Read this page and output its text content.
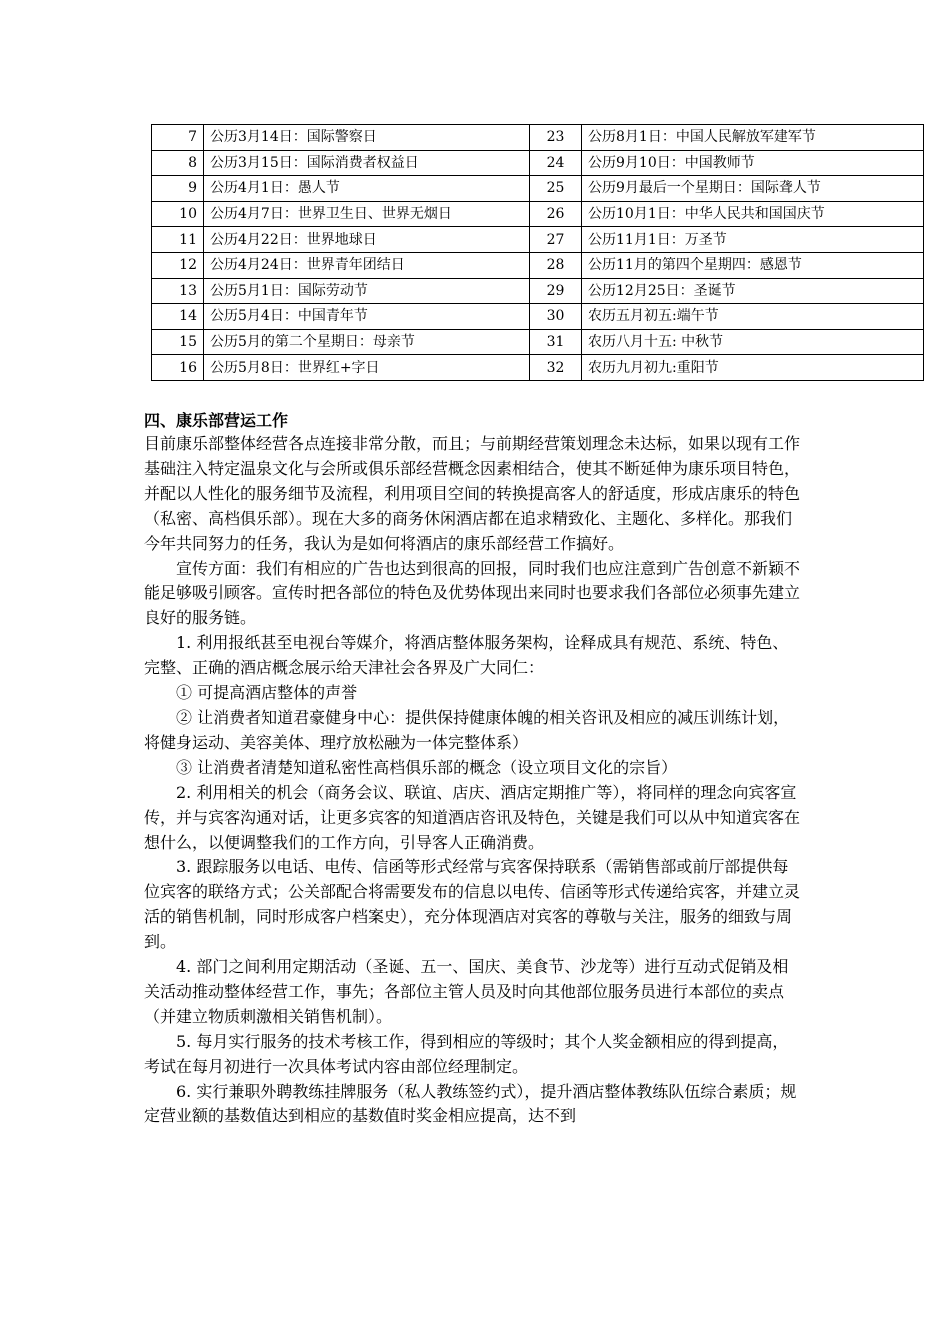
7	公历3月14日：国际警察日	23	公历8月1日：中国人民解放军建军节
8	公历3月15日：国际消费者权益日	24	公历9月10日：中国教师节
9	公历4月1日：愚人节	25	公历9月最后一个星期日：国际聋人节
10	公历4月7日：世界卫生日、世界无烟日	26	公历10月1日：中华人民共和国国庆节
11	公历4月22日：世界地球日	27	公历11月1日：万圣节
12	公历4月24日：世界青年团结日	28	公历11月的第四个星期四：感恩节
13	公历5月1日：国际劳动节	29	公历12月25日：圣诞节
14	公历5月4日：中国青年节	30	农历五月初五:端午节
15	公历5月的第二个星期日：母亲节	31	农历八月十五: 中秋节
16	公历5月8日：世界红+字日	32	农历九月初九:重阳节
四、康乐部营运工作

目前康乐部整体经营各点连接非常分散，而且；与前期经营策划理念未达标，如果以现有工作基础注入特定温泉文化与会所或俱乐部经营概念因素相结合，使其不断延伸为康乐项目特色，并配以人性化的服务细节及流程，利用项目空间的转换提高客人的舒适度，形成店康乐的特色（私密、高档俱乐部）。现在大多的商务休闲酒店都在追求精致化、主题化、多样化。那我们今年共同努力的任务，我认为是如何将酒店的康乐部经营工作搞好。

宣传方面：我们有相应的广告也达到很高的回报，同时我们也应注意到广告创意不新颖不能足够吸引顾客。宣传时把各部位的特色及优势体现出来同时也要求我们各部位必须事先建立良好的服务链。

1. 利用报纸甚至电视台等媒介，将酒店整体服务架构，诠释成具有规范、系统、特色、完整、正确的酒店概念展示给天津社会各界及广大同仁：

① 可提高酒店整体的声誉

② 让消费者知道君豪健身中心：提供保持健康体魄的相关咨讯及相应的减压训练计划，将健身运动、美容美体、理疗放松融为一体完整体系）

③ 让消费者清楚知道私密性高档俱乐部的概念（设立项目文化的宗旨）

2. 利用相关的机会（商务会议、联谊、店庆、酒店定期推广等），将同样的理念向宾客宣传，并与宾客沟通对话，让更多宾客的知道酒店咨讯及特色，关键是我们可以从中知道宾客在想什么，以便调整我们的工作方向，引导客人正确消费。

3. 跟踪服务以电话、电传、信函等形式经常与宾客保持联系（需销售部或前厅部提供每位宾客的联络方式；公关部配合将需要发布的信息以电传、信函等形式传递给宾客，并建立灵活的销售机制，同时形成客户档案史），充分体现酒店对宾客的尊敬与关注，服务的细致与周到。

4. 部门之间利用定期活动（圣诞、五一、国庆、美食节、沙龙等）进行互动式促销及相关活动推动整体经营工作，事先；各部位主管人员及时向其他部位服务员进行本部位的卖点（并建立物质刺激相关销售机制）。

5. 每月实行服务的技术考核工作，得到相应的等级时；其个人奖金额相应的得到提高，考试在每月初进行一次具体考试内容由部位经理制定。

6. 实行兼职外聘教练挂牌服务（私人教练签约式），提升酒店整体教练队伍综合素质；规定营业额的基数值达到相应的基数值时奖金相应提高，达不到
